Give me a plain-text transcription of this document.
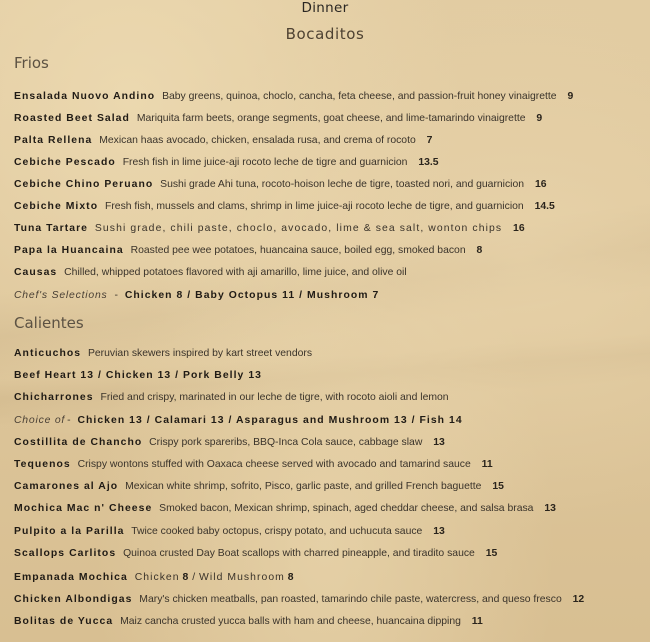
Dinner
Bocaditos
Frios
Ensalada Nuovo Andino Baby greens, quinoa, choclo, cancha, feta cheese, and passion-fruit honey vinaigrette 9
Roasted Beet Salad Mariquita farm beets, orange segments, goat cheese, and lime-tamarindo vinaigrette 9
Palta Rellena Mexican haas avocado, chicken, ensalada rusa, and crema of rocoto 7
Cebiche Pescado Fresh fish in lime juice-aji rocoto leche de tigre and guarnicion 13.5
Cebiche Chino Peruano Sushi grade Ahi tuna, rocoto-hoison leche de tigre, toasted nori, and guarnicion 16
Cebiche Mixto Fresh fish, mussels and clams, shrimp in lime juice-aji rocoto leche de tigre, and guarnicion 14.5
Tuna Tartare Sushi grade, chili paste, choclo, avocado, lime & sea salt, wonton chips 16
Papa la Huancaina Roasted pee wee potatoes, huancaina sauce, boiled egg, smoked bacon 8
Causas Chilled, whipped potatoes flavored with aji amarillo, lime juice, and olive oil
Chef's Selections - Chicken 8 / Baby Octopus 11 / Mushroom 7
Calientes
Anticuchos Peruvian skewers inspired by kart street vendors
Beef Heart 13 / Chicken 13 / Pork Belly 13
Chicharrones Fried and crispy, marinated in our leche de tigre, with rocoto aioli and lemon
Choice of - Chicken 13 / Calamari 13 / Asparagus and Mushroom 13 / Fish 14
Costillita de Chancho Crispy pork spareribs, BBQ-Inca Cola sauce, cabbage slaw 13
Tequenos Crispy wontons stuffed with Oaxaca cheese served with avocado and tamarind sauce 11
Camarones al Ajo Mexican white shrimp, sofrito, Pisco, garlic paste, and grilled French baguette 15
Mochica Mac n' Cheese Smoked bacon, Mexican shrimp, spinach, aged cheddar cheese, and salsa brasa 13
Pulpito a la Parilla Twice cooked baby octopus, crispy potato, and uchucuta sauce 13
Scallops Carlitos Quinoa crusted Day Boat scallops with charred pineapple, and tiradito sauce 15
Empanada Mochica Chicken 8 / Wild Mushroom 8
Chicken Albondigas Mary's chicken meatballs, pan roasted, tamarindo chile paste, watercress, and queso fresco 12
Bolitas de Yucca Maiz cancha crusted yucca balls with ham and cheese, huancaina dipping 11
